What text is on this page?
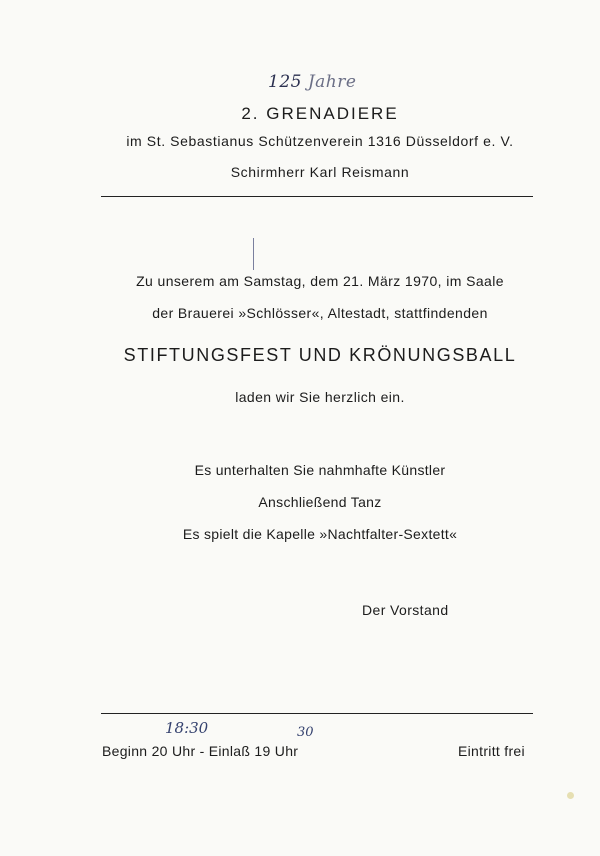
125 Jahre
2. GRENADIERE
im St. Sebastianus Schützenverein 1316 Düsseldorf e. V.
Schirmherr Karl Reismann
Zu unserem am Samstag, dem 21. März 1970, im Saale
der Brauerei »Schlösser«, Altestadt, stattfindenden
STIFTUNGSFEST UND KRÖNUNGSBALL
laden wir Sie herzlich ein.
Es unterhalten Sie nahmhafte Künstler
Anschließend Tanz
Es spielt die Kapelle »Nachtfalter-Sextett«
Der Vorstand
18:30	30
Beginn 20 Uhr - Einlaß 19 Uhr	Eintritt frei
